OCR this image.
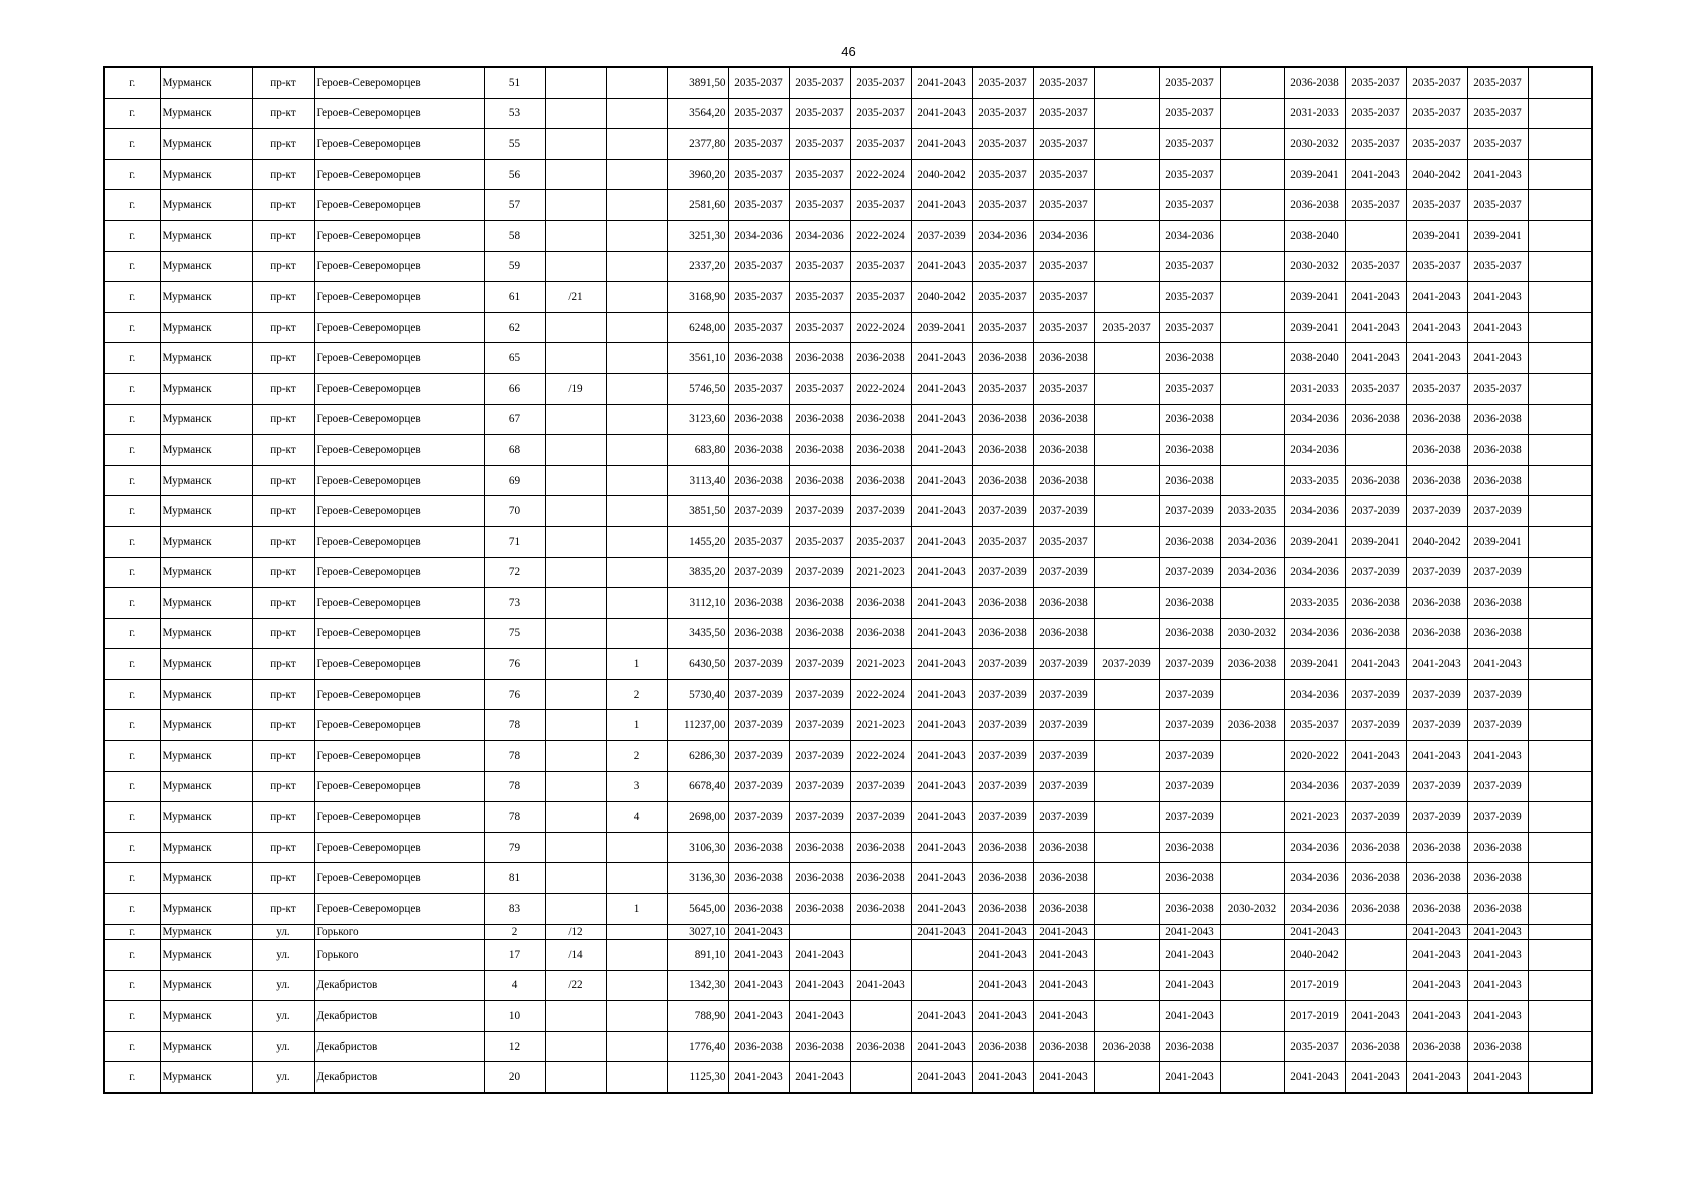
46
г.	Мурманск	пр-кт	Героев-Североморцев	51			3891,50	2035-2037	2035-2037	2035-2037	2041-2043	2035-2037	2035-2037		2035-2037		2036-2038	2035-2037	2035-2037	2035-2037	
г.	Мурманск	пр-кт	Героев-Североморцев	53			3564,20	2035-2037	2035-2037	2035-2037	2041-2043	2035-2037	2035-2037		2035-2037		2031-2033	2035-2037	2035-2037	2035-2037	
г.	Мурманск	пр-кт	Героев-Североморцев	55			2377,80	2035-2037	2035-2037	2035-2037	2041-2043	2035-2037	2035-2037		2035-2037		2030-2032	2035-2037	2035-2037	2035-2037	
г.	Мурманск	пр-кт	Героев-Североморцев	56			3960,20	2035-2037	2035-2037	2022-2024	2040-2042	2035-2037	2035-2037		2035-2037		2039-2041	2041-2043	2040-2042	2041-2043	
г.	Мурманск	пр-кт	Героев-Североморцев	57			2581,60	2035-2037	2035-2037	2035-2037	2041-2043	2035-2037	2035-2037		2035-2037		2036-2038	2035-2037	2035-2037	2035-2037	
г.	Мурманск	пр-кт	Героев-Североморцев	58			3251,30	2034-2036	2034-2036	2022-2024	2037-2039	2034-2036	2034-2036		2034-2036		2038-2040		2039-2041	2039-2041	
г.	Мурманск	пр-кт	Героев-Североморцев	59			2337,20	2035-2037	2035-2037	2035-2037	2041-2043	2035-2037	2035-2037		2035-2037		2030-2032	2035-2037	2035-2037	2035-2037	
г.	Мурманск	пр-кт	Героев-Североморцев	61	/21		3168,90	2035-2037	2035-2037	2035-2037	2040-2042	2035-2037	2035-2037		2035-2037		2039-2041	2041-2043	2041-2043	2041-2043	
г.	Мурманск	пр-кт	Героев-Североморцев	62			6248,00	2035-2037	2035-2037	2022-2024	2039-2041	2035-2037	2035-2037	2035-2037	2035-2037		2039-2041	2041-2043	2041-2043	2041-2043	
г.	Мурманск	пр-кт	Героев-Североморцев	65			3561,10	2036-2038	2036-2038	2036-2038	2041-2043	2036-2038	2036-2038		2036-2038		2038-2040	2041-2043	2041-2043	2041-2043	
г.	Мурманск	пр-кт	Героев-Североморцев	66	/19		5746,50	2035-2037	2035-2037	2022-2024	2041-2043	2035-2037	2035-2037		2035-2037		2031-2033	2035-2037	2035-2037	2035-2037	
г.	Мурманск	пр-кт	Героев-Североморцев	67			3123,60	2036-2038	2036-2038	2036-2038	2041-2043	2036-2038	2036-2038		2036-2038		2034-2036	2036-2038	2036-2038	2036-2038	
г.	Мурманск	пр-кт	Героев-Североморцев	68			683,80	2036-2038	2036-2038	2036-2038	2041-2043	2036-2038	2036-2038		2036-2038		2034-2036		2036-2038	2036-2038	
г.	Мурманск	пр-кт	Героев-Североморцев	69			3113,40	2036-2038	2036-2038	2036-2038	2041-2043	2036-2038	2036-2038		2036-2038		2033-2035	2036-2038	2036-2038	2036-2038	
г.	Мурманск	пр-кт	Героев-Североморцев	70			3851,50	2037-2039	2037-2039	2037-2039	2041-2043	2037-2039	2037-2039		2037-2039	2033-2035	2034-2036	2037-2039	2037-2039	2037-2039	
г.	Мурманск	пр-кт	Героев-Североморцев	71			1455,20	2035-2037	2035-2037	2035-2037	2041-2043	2035-2037	2035-2037		2036-2038	2034-2036	2039-2041	2039-2041	2040-2042	2039-2041	
г.	Мурманск	пр-кт	Героев-Североморцев	72			3835,20	2037-2039	2037-2039	2021-2023	2041-2043	2037-2039	2037-2039		2037-2039	2034-2036	2034-2036	2037-2039	2037-2039	2037-2039	
г.	Мурманск	пр-кт	Героев-Североморцев	73			3112,10	2036-2038	2036-2038	2036-2038	2041-2043	2036-2038	2036-2038		2036-2038		2033-2035	2036-2038	2036-2038	2036-2038	
г.	Мурманск	пр-кт	Героев-Североморцев	75			3435,50	2036-2038	2036-2038	2036-2038	2041-2043	2036-2038	2036-2038		2036-2038	2030-2032	2034-2036	2036-2038	2036-2038	2036-2038	
г.	Мурманск	пр-кт	Героев-Североморцев	76		1	6430,50	2037-2039	2037-2039	2021-2023	2041-2043	2037-2039	2037-2039	2037-2039	2037-2039	2036-2038	2039-2041	2041-2043	2041-2043	2041-2043	
г.	Мурманск	пр-кт	Героев-Североморцев	76		2	5730,40	2037-2039	2037-2039	2022-2024	2041-2043	2037-2039	2037-2039		2037-2039		2034-2036	2037-2039	2037-2039	2037-2039	
г.	Мурманск	пр-кт	Героев-Североморцев	78		1	11237,00	2037-2039	2037-2039	2021-2023	2041-2043	2037-2039	2037-2039		2037-2039	2036-2038	2035-2037	2037-2039	2037-2039	2037-2039	
г.	Мурманск	пр-кт	Героев-Североморцев	78		2	6286,30	2037-2039	2037-2039	2022-2024	2041-2043	2037-2039	2037-2039		2037-2039		2020-2022	2041-2043	2041-2043	2041-2043	
г.	Мурманск	пр-кт	Героев-Североморцев	78		3	6678,40	2037-2039	2037-2039	2037-2039	2041-2043	2037-2039	2037-2039		2037-2039		2034-2036	2037-2039	2037-2039	2037-2039	
г.	Мурманск	пр-кт	Героев-Североморцев	78		4	2698,00	2037-2039	2037-2039	2037-2039	2041-2043	2037-2039	2037-2039		2037-2039		2021-2023	2037-2039	2037-2039	2037-2039	
г.	Мурманск	пр-кт	Героев-Североморцев	79			3106,30	2036-2038	2036-2038	2036-2038	2041-2043	2036-2038	2036-2038		2036-2038		2034-2036	2036-2038	2036-2038	2036-2038	
г.	Мурманск	пр-кт	Героев-Североморцев	81			3136,30	2036-2038	2036-2038	2036-2038	2041-2043	2036-2038	2036-2038		2036-2038		2034-2036	2036-2038	2036-2038	2036-2038	
г.	Мурманск	пр-кт	Героев-Североморцев	83		1	5645,00	2036-2038	2036-2038	2036-2038	2041-2043	2036-2038	2036-2038		2036-2038	2030-2032	2034-2036	2036-2038	2036-2038	2036-2038	
г.	Мурманск	ул.	Горького	2	/12		3027,10	2041-2043			2041-2043	2041-2043	2041-2043		2041-2043		2041-2043		2041-2043	2041-2043	
г.	Мурманск	ул.	Горького	17	/14		891,10	2041-2043	2041-2043			2041-2043	2041-2043		2041-2043		2040-2042		2041-2043	2041-2043	
г.	Мурманск	ул.	Декабристов	4	/22		1342,30	2041-2043	2041-2043	2041-2043		2041-2043	2041-2043		2041-2043		2017-2019		2041-2043	2041-2043	
г.	Мурманск	ул.	Декабристов	10			788,90	2041-2043	2041-2043		2041-2043	2041-2043	2041-2043		2041-2043		2017-2019	2041-2043	2041-2043	2041-2043	
г.	Мурманск	ул.	Декабристов	12			1776,40	2036-2038	2036-2038	2036-2038	2041-2043	2036-2038	2036-2038	2036-2038	2036-2038		2035-2037	2036-2038	2036-2038	2036-2038	
г.	Мурманск	ул.	Декабристов	20			1125,30	2041-2043	2041-2043		2041-2043	2041-2043	2041-2043		2041-2043		2041-2043	2041-2043	2041-2043	2041-2043	
